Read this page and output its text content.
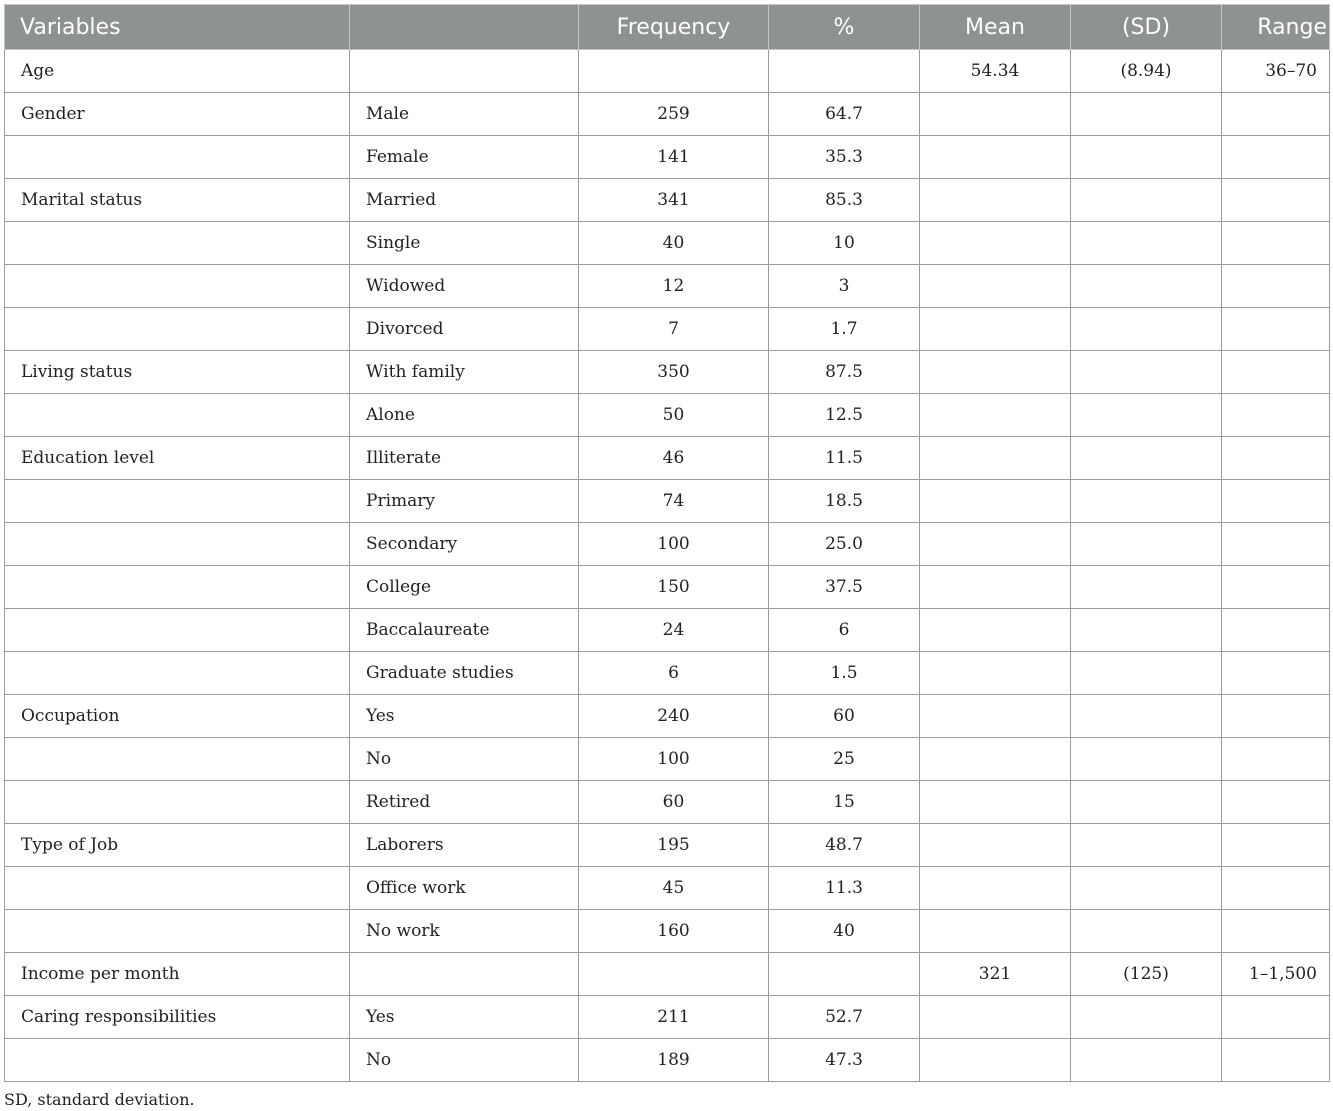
Variables		Frequency	%	Mean	(SD)	Range
Age				54.34	(8.94)	36–70
Gender	Male	259	64.7			
	Female	141	35.3			
Marital status	Married	341	85.3			
	Single	40	10			
	Widowed	12	3			
	Divorced	7	1.7			
Living status	With family	350	87.5			
	Alone	50	12.5			
Education level	Illiterate	46	11.5			
	Primary	74	18.5			
	Secondary	100	25.0			
	College	150	37.5			
	Baccalaureate	24	6			
	Graduate studies	6	1.5			
Occupation	Yes	240	60			
	No	100	25			
	Retired	60	15			
Type of Job	Laborers	195	48.7			
	Office work	45	11.3			
	No work	160	40			
Income per month				321	(125)	1–1,500
Caring responsibilities	Yes	211	52.7			
	No	189	47.3			
SD, standard deviation.
